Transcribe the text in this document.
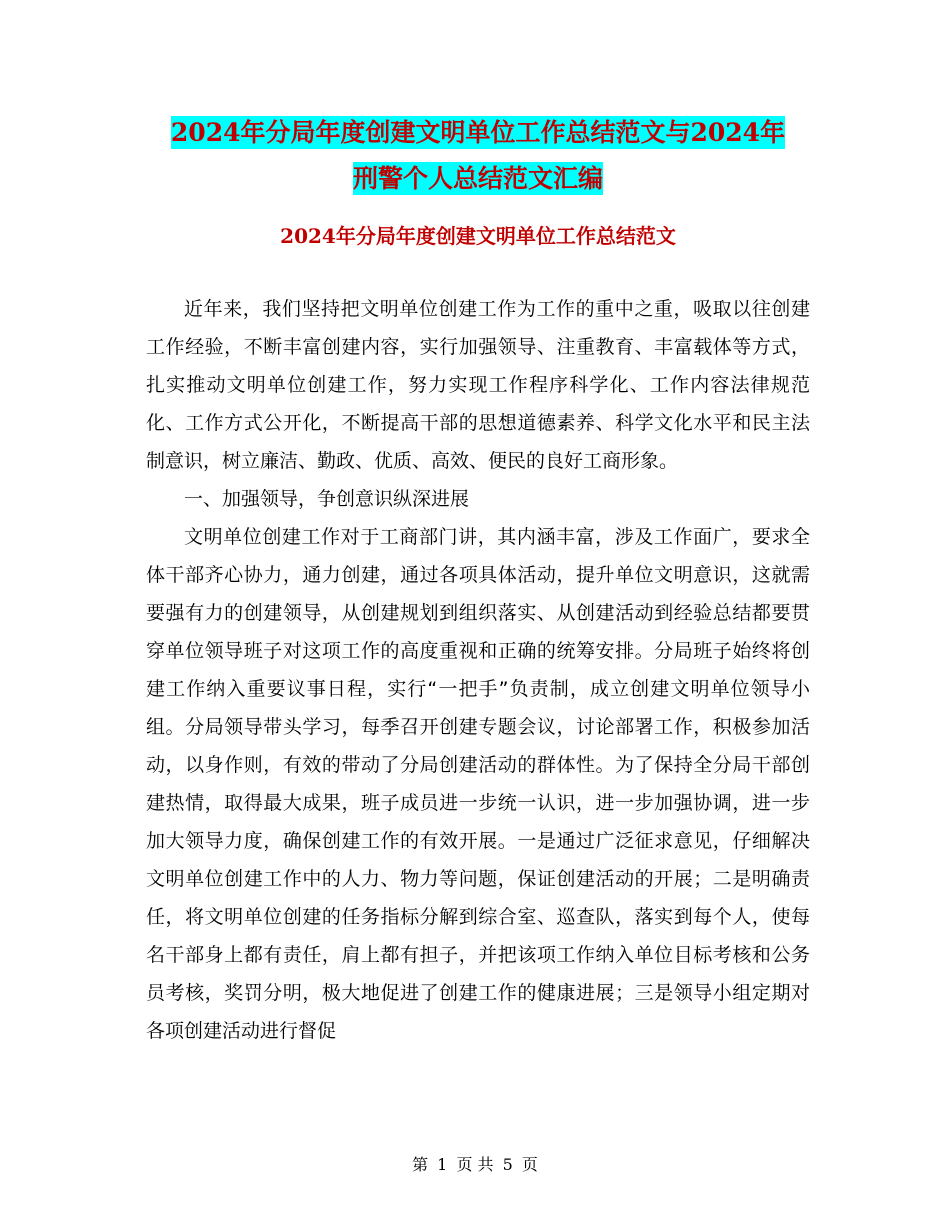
2024年分局年度创建文明单位工作总结范文与2024年
刑警个人总结范文汇编
2024年分局年度创建文明单位工作总结范文

近年来，我们坚持把文明单位创建工作为工作的重中之重，吸取以往创建工作经验，不断丰富创建内容，实行加强领导、注重教育、丰富载体等方式，扎实推动文明单位创建工作，努力实现工作程序科学化、工作内容法律规范化、工作方式公开化，不断提高干部的思想道德素养、科学文化水平和民主法制意识，树立廉洁、勤政、优质、高效、便民的良好工商形象。

一、加强领导，争创意识纵深进展

文明单位创建工作对于工商部门讲，其内涵丰富，涉及工作面广，要求全体干部齐心协力，通力创建，通过各项具体活动，提升单位文明意识，这就需要强有力的创建领导，从创建规划到组织落实、从创建活动到经验总结都要贯穿单位领导班子对这项工作的高度重视和正确的统筹安排。分局班子始终将创建工作纳入重要议事日程，实行“一把手”负责制，成立创建文明单位领导小组。分局领导带头学习，每季召开创建专题会议，讨论部署工作，积极参加活动，以身作则，有效的带动了分局创建活动的群体性。为了保持全分局干部创建热情，取得最大成果，班子成员进一步统一认识，进一步加强协调，进一步加大领导力度，确保创建工作的有效开展。一是通过广泛征求意见，仔细解决文明单位创建工作中的人力、物力等问题，保证创建活动的开展；二是明确责任，将文明单位创建的任务指标分解到综合室、巡查队，落实到每个人，使每名干部身上都有责任，肩上都有担子，并把该项工作纳入单位目标考核和公务员考核，奖罚分明，极大地促进了创建工作的健康进展；三是领导小组定期对各项创建活动进行督促

第 1 页 共 5 页
